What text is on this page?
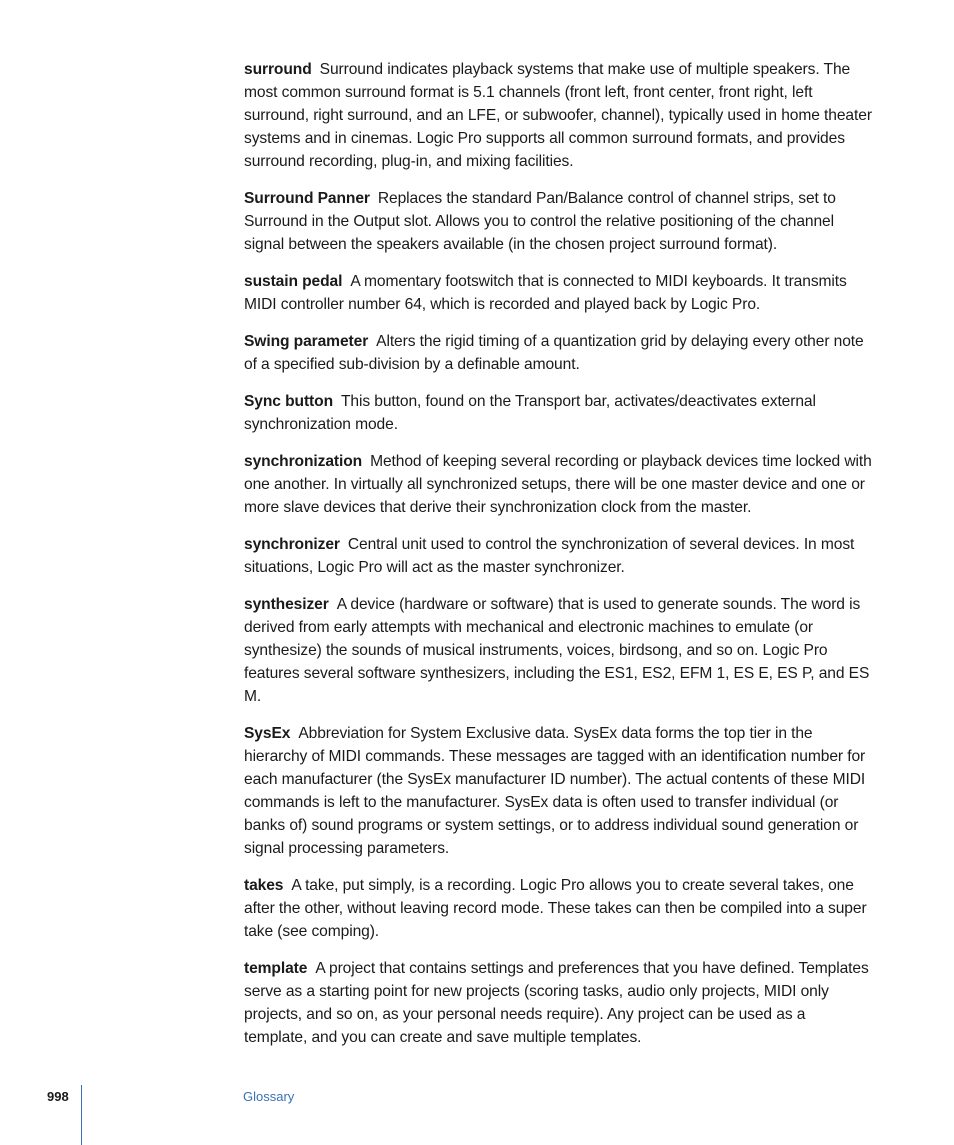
surround Surround indicates playback systems that make use of multiple speakers. The most common surround format is 5.1 channels (front left, front center, front right, left surround, right surround, and an LFE, or subwoofer, channel), typically used in home theater systems and in cinemas. Logic Pro supports all common surround formats, and provides surround recording, plug-in, and mixing facilities.

Surround Panner Replaces the standard Pan/Balance control of channel strips, set to Surround in the Output slot. Allows you to control the relative positioning of the channel signal between the speakers available (in the chosen project surround format).

sustain pedal A momentary footswitch that is connected to MIDI keyboards. It transmits MIDI controller number 64, which is recorded and played back by Logic Pro.

Swing parameter Alters the rigid timing of a quantization grid by delaying every other note of a specified sub-division by a definable amount.

Sync button This button, found on the Transport bar, activates/deactivates external synchronization mode.

synchronization Method of keeping several recording or playback devices time locked with one another. In virtually all synchronized setups, there will be one master device and one or more slave devices that derive their synchronization clock from the master.

synchronizer Central unit used to control the synchronization of several devices. In most situations, Logic Pro will act as the master synchronizer.

synthesizer A device (hardware or software) that is used to generate sounds. The word is derived from early attempts with mechanical and electronic machines to emulate (or synthesize) the sounds of musical instruments, voices, birdsong, and so on. Logic Pro features several software synthesizers, including the ES1, ES2, EFM 1, ES E, ES P, and ES M.

SysEx Abbreviation for System Exclusive data. SysEx data forms the top tier in the hierarchy of MIDI commands. These messages are tagged with an identification number for each manufacturer (the SysEx manufacturer ID number). The actual contents of these MIDI commands is left to the manufacturer. SysEx data is often used to transfer individual (or banks of) sound programs or system settings, or to address individual sound generation or signal processing parameters.

takes A take, put simply, is a recording. Logic Pro allows you to create several takes, one after the other, without leaving record mode. These takes can then be compiled into a super take (see comping).

template A project that contains settings and preferences that you have defined. Templates serve as a starting point for new projects (scoring tasks, audio only projects, MIDI only projects, and so on, as your personal needs require). Any project can be used as a template, and you can create and save multiple templates.

998	Glossary
